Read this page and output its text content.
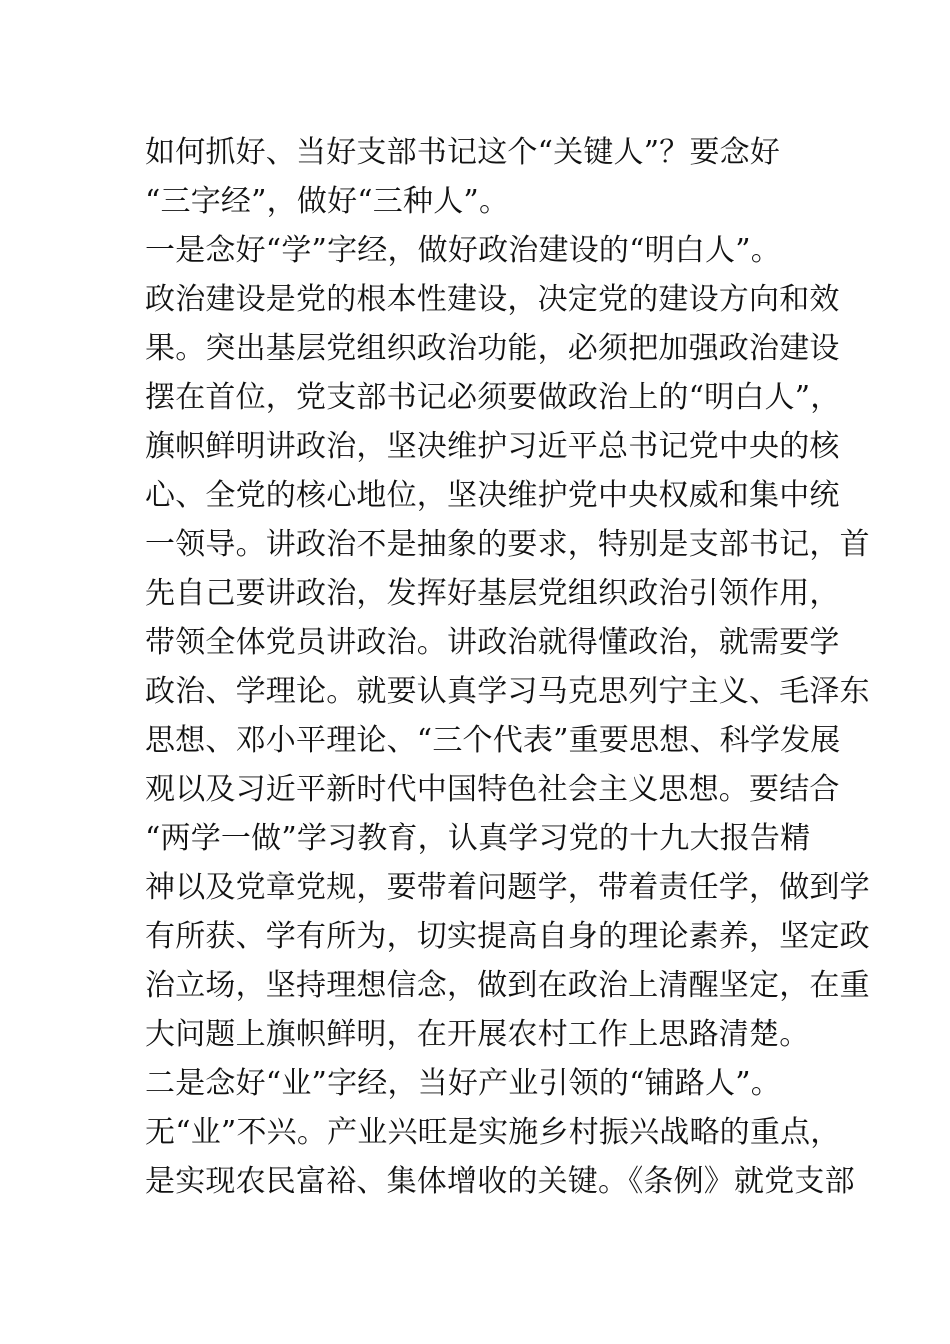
如何抓好、当好支部书记这个“关键人”？要念好
“三字经”，做好“三种人”。
一是念好“学”字经，做好政治建设的“明白人”。
政治建设是党的根本性建设，决定党的建设方向和效
果。突出基层党组织政治功能，必须把加强政治建设
摆在首位，党支部书记必须要做政治上的“明白人”，
旗帜鲜明讲政治，坚决维护习近平总书记党中央的核
心、全党的核心地位，坚决维护党中央权威和集中统
一领导。讲政治不是抽象的要求，特别是支部书记，首
先自己要讲政治，发挥好基层党组织政治引领作用，
带领全体党员讲政治。讲政治就得懂政治，就需要学
政治、学理论。就要认真学习马克思列宁主义、毛泽东
思想、邓小平理论、“三个代表”重要思想、科学发展
观以及习近平新时代中国特色社会主义思想。要结合
“两学一做”学习教育，认真学习党的十九大报告精
神以及党章党规，要带着问题学，带着责任学，做到学
有所获、学有所为，切实提高自身的理论素养，坚定政
治立场，坚持理想信念，做到在政治上清醒坚定，在重
大问题上旗帜鲜明，在开展农村工作上思路清楚。
二是念好“业”字经，当好产业引领的“铺路人”。
无“业”不兴。产业兴旺是实施乡村振兴战略的重点，
是实现农民富裕、集体增收的关键。《条例》就党支部
